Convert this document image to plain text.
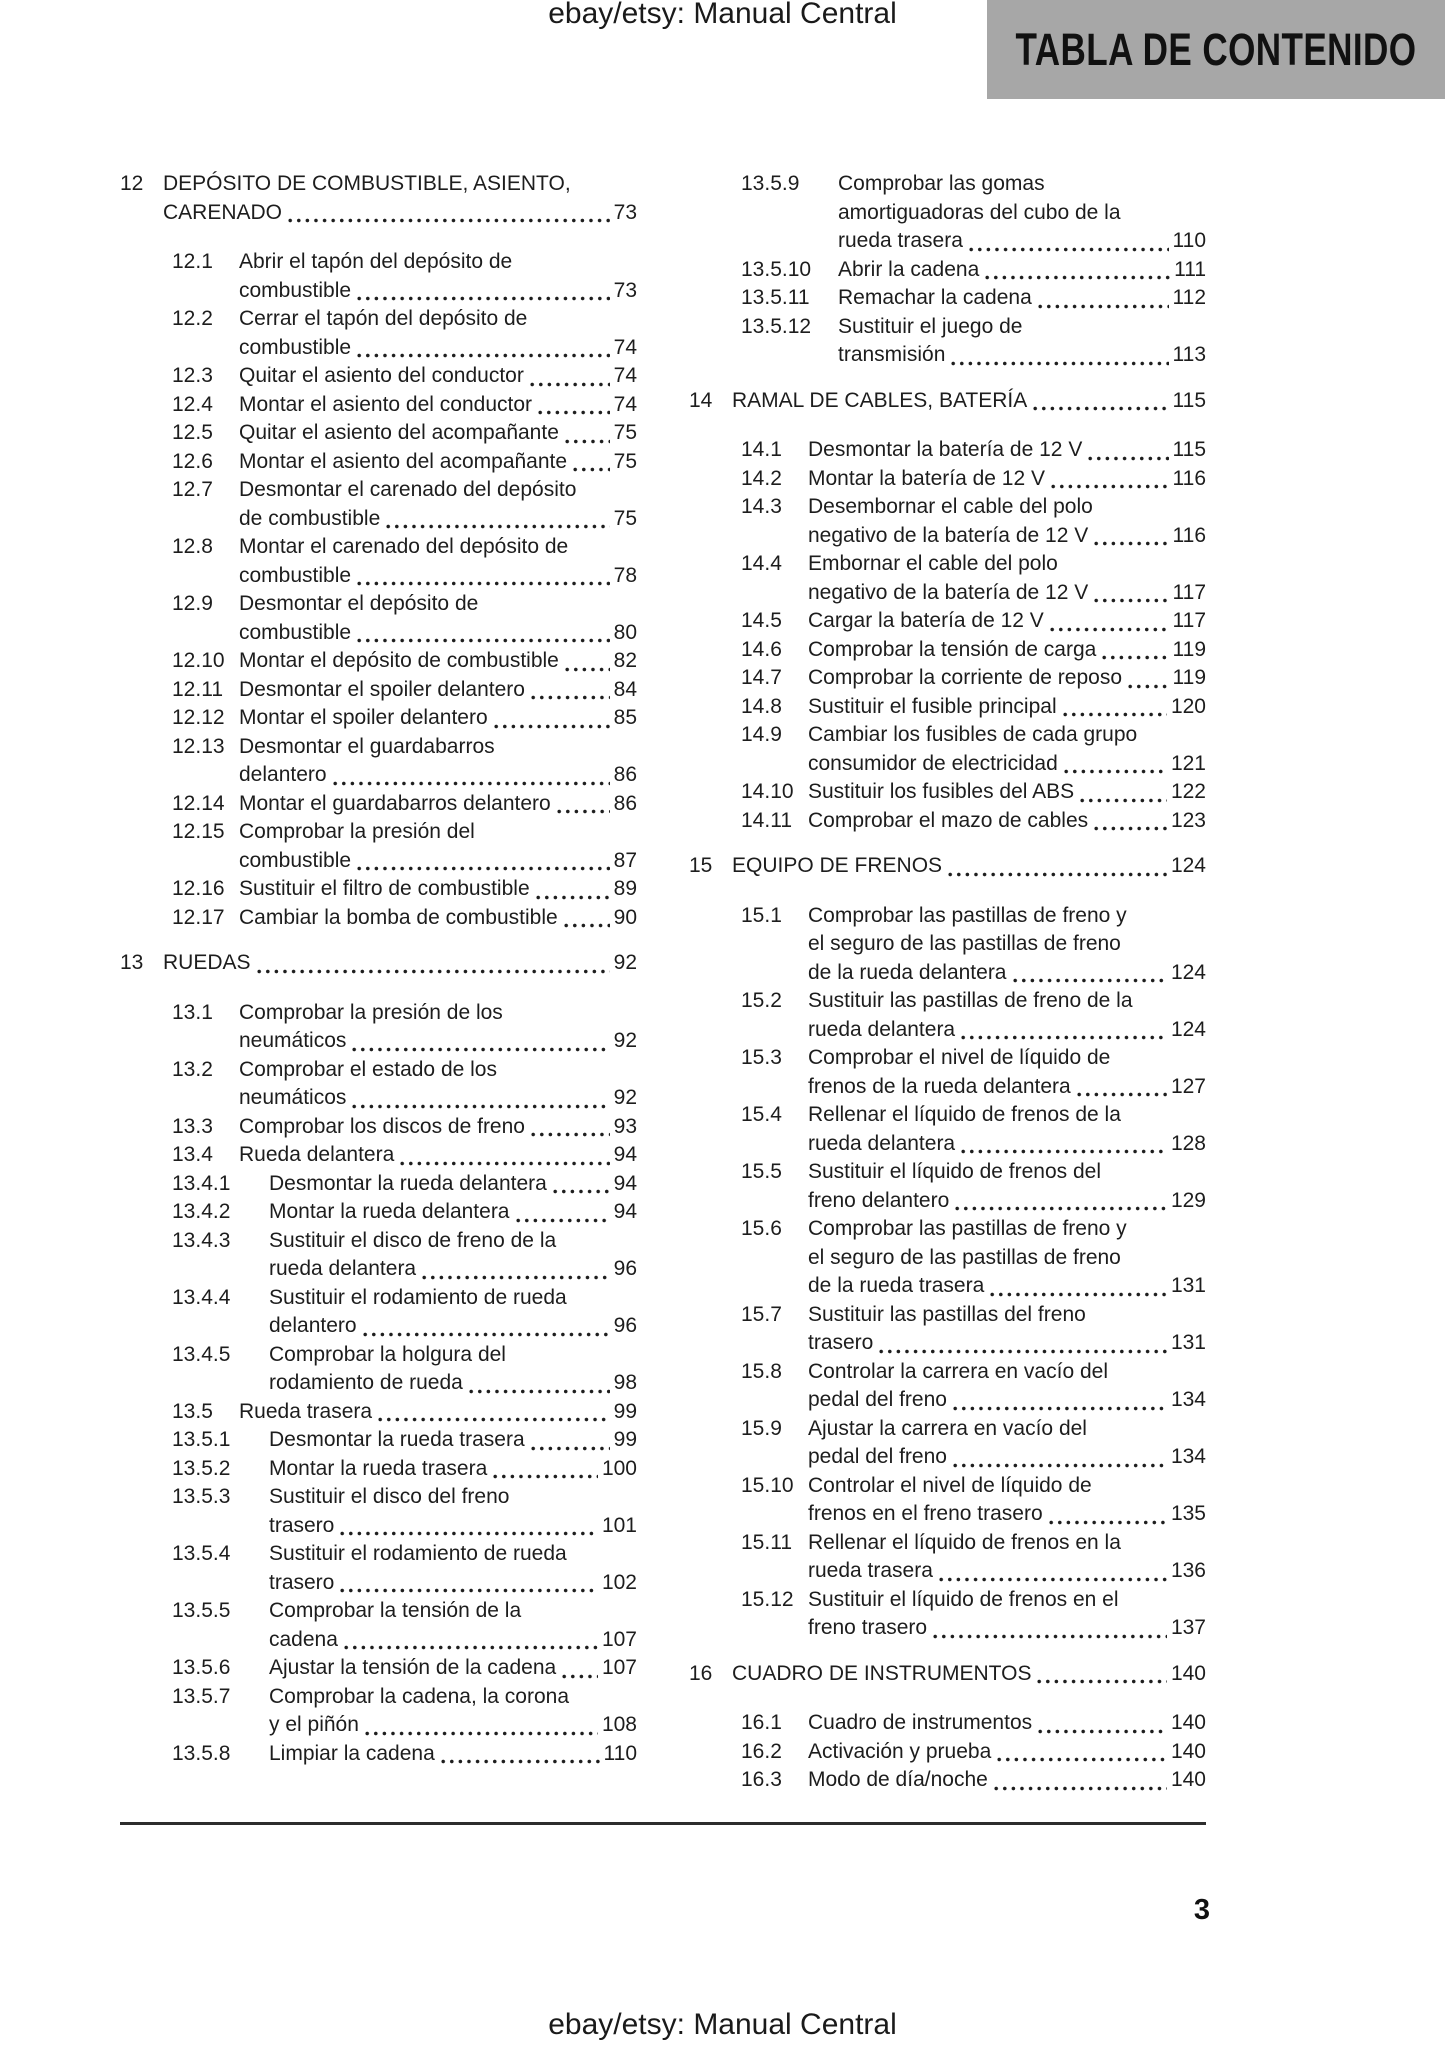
ebay/etsy: Manual Central
TABLA DE CONTENIDO
12 DEPÓSITO DE COMBUSTIBLE, ASIENTO,
CARENADO	73
12.1	Abrir el tapón del depósito de
combustible	73
12.2	Cerrar el tapón del depósito de
combustible	74
12.3	Quitar el asiento del conductor	74
12.4	Montar el asiento del conductor	74
12.5	Quitar el asiento del acompañante	75
12.6	Montar el asiento del acompañante 75
12.7	Desmontar el carenado del depósito
de combustible	75
12.8	Montar el carenado del depósito de
combustible	78
12.9	Desmontar el depósito de
combustible	80
12.10 Montar el depósito de combustible	82
12.11 Desmontar el spoiler delantero	84
12.12 Montar el spoiler delantero	85
12.13 Desmontar el guardabarros
delantero	86
12.14 Montar el guardabarros delantero	86
12.15 Comprobar la presión del
combustible	87
12.16 Sustituir el filtro de combustible	89
12.17 Cambiar la bomba de combustible	90
13 RUEDAS	92
13.1	Comprobar la presión de los
neumáticos	92
13.2	Comprobar el estado de los
neumáticos	92
13.3	Comprobar los discos de freno	93
13.4	Rueda delantera	94
13.4.1	Desmontar la rueda delantera	94
13.4.2	Montar la rueda delantera	94
13.4.3	Sustituir el disco de freno de la
rueda delantera	96
13.4.4	Sustituir el rodamiento de rueda
delantero	96
13.4.5	Comprobar la holgura del
rodamiento de rueda	98
13.5	Rueda trasera	99
13.5.1	Desmontar la rueda trasera	99
13.5.2	Montar la rueda trasera	100
13.5.3	Sustituir el disco del freno
trasero	101
13.5.4	Sustituir el rodamiento de rueda
trasero	102
13.5.5	Comprobar la tensión de la
cadena	107
13.5.6	Ajustar la tensión de la cadena 107
13.5.7	Comprobar la cadena, la corona
y el piñón	108
13.5.8	Limpiar la cadena	110
13.5.9	Comprobar las gomas
amortiguadoras del cubo de la
rueda trasera	110
13.5.10	Abrir la cadena	111
13.5.11	Remachar la cadena	112
13.5.12	Sustituir el juego de
transmisión	113
14 RAMAL DE CABLES, BATERÍA	115
14.1	Desmontar la batería de 12 V	115
14.2	Montar la batería de 12 V	116
14.3	Desembornar el cable del polo
negativo de la batería de 12 V	116
14.4	Embornar el cable del polo
negativo de la batería de 12 V	117
14.5	Cargar la batería de 12 V	117
14.6	Comprobar la tensión de carga	119
14.7	Comprobar la corriente de reposo 119
14.8	Sustituir el fusible principal	120
14.9	Cambiar los fusibles de cada grupo
consumidor de electricidad	121
14.10 Sustituir los fusibles del ABS	122
14.11 Comprobar el mazo de cables	123
15 EQUIPO DE FRENOS	124
15.1	Comprobar las pastillas de freno y
el seguro de las pastillas de freno
de la rueda delantera	124
15.2	Sustituir las pastillas de freno de la
rueda delantera	124
15.3	Comprobar el nivel de líquido de
frenos de la rueda delantera	127
15.4	Rellenar el líquido de frenos de la
rueda delantera	128
15.5	Sustituir el líquido de frenos del
freno delantero	129
15.6	Comprobar las pastillas de freno y
el seguro de las pastillas de freno
de la rueda trasera	131
15.7	Sustituir las pastillas del freno
trasero	131
15.8	Controlar la carrera en vacío del
pedal del freno	134
15.9	Ajustar la carrera en vacío del
pedal del freno	134
15.10 Controlar el nivel de líquido de
frenos en el freno trasero	135
15.11 Rellenar el líquido de frenos en la
rueda trasera	136
15.12 Sustituir el líquido de frenos en el
freno trasero	137
16 CUADRO DE INSTRUMENTOS	140
16.1	Cuadro de instrumentos	140
16.2	Activación y prueba	140
16.3	Modo de día/noche	140
3
ebay/etsy: Manual Central
